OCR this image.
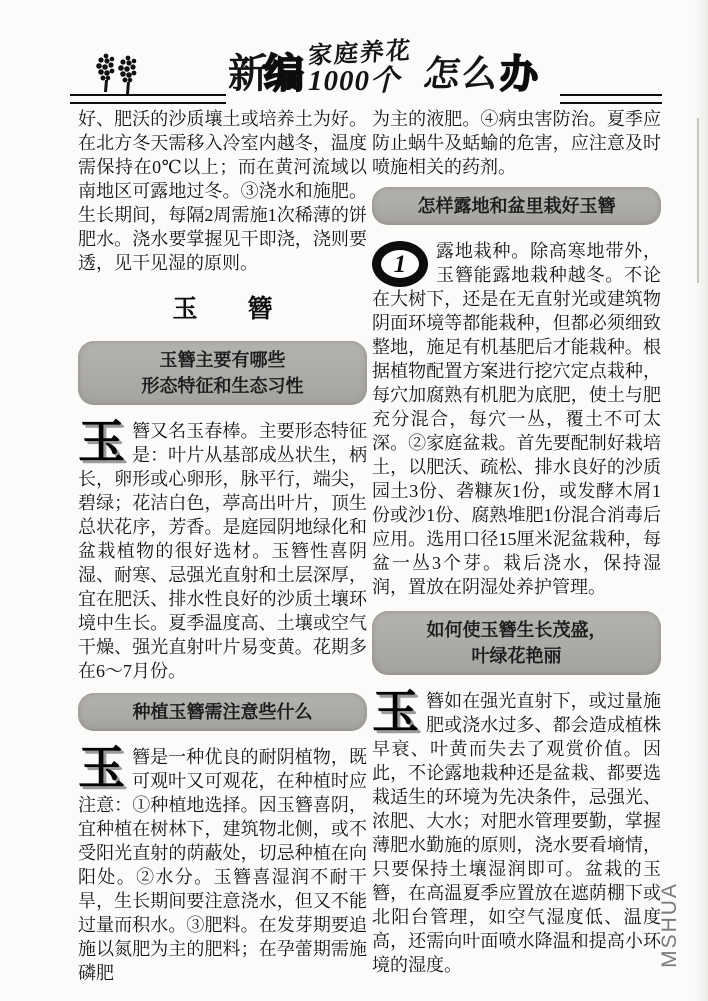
新
编 家庭养花
1000个 怎么
办

好、肥沃的沙质壤土或培养土为好。在北方冬天需移入冷室内越冬，温度需保持在0℃以上；而在黄河流域以南地区可露地过冬。③浇水和施肥。生长期间，每隔2周需施1次稀薄的饼肥水。浇水要掌握见干即浇，浇则要透，见干见湿的原则。

玉　　簪
玉簪主要有哪些
形态特征和生态习性

玉簪又名玉春棒。主要形态特征是：叶片从基部成丛状生，柄长，卵形或心卵形，脉平行，端尖，碧绿；花洁白色，葶高出叶片，顶生总状花序，芳香。是庭园阴地绿化和盆栽植物的很好选材。玉簪性喜阴湿、耐寒、忌强光直射和土层深厚，宜在肥沃、排水性良好的沙质土壤环境中生长。夏季温度高、土壤或空气干燥、强光直射叶片易变黄。花期多在6～7月份。

种植玉簪需注意些什么

玉簪是一种优良的耐阴植物，既可观叶又可观花，在种植时应注意：①种植地选择。因玉簪喜阴，宜种植在树林下，建筑物北侧，或不受阳光直射的荫蔽处，切忌种植在向阳处。②水分。玉簪喜湿润不耐干旱，生长期间要注意浇水，但又不能过量而积水。③肥料。在发芽期要追施以氮肥为主的肥料；在孕蕾期需施磷肥

为主的液肥。④病虫害防治。夏季应防止蜗牛及蛞蝓的危害，应注意及时喷施相关的药剂。

怎样露地和盆里栽好玉簪

1 露地栽种。除高寒地带外，玉簪能露地栽种越冬。不论在大树下，还是在无直射光或建筑物阴面环境等都能栽种，但都必须细致整地，施足有机基肥后才能栽种。根据植物配置方案进行挖穴定点栽种，每穴加腐熟有机肥为底肥，使土与肥充分混合，每穴一丛，覆土不可太深。②家庭盆栽。首先要配制好栽培土，以肥沃、疏松、排水良好的沙质园土3份、砻糠灰1份，或发酵木屑1份或沙1份、腐熟堆肥1份混合消毒后应用。选用口径15厘米泥盆栽种，每盆一丛3个芽。栽后浇水，保持湿润，置放在阴湿处养护管理。

如何使玉簪生长茂盛，
叶绿花艳丽

玉簪如在强光直射下，或过量施肥或浇水过多、都会造成植株早衰、叶黄而失去了观赏价值。因此，不论露地栽种还是盆栽、都要选栽适生的环境为先决条件，忌强光、浓肥、大水；对肥水管理要勤，掌握薄肥水勤施的原则，浇水要看墒情，只要保持土壤湿润即可。盆栽的玉簪，在高温夏季应置放在遮荫棚下或北阳台管理，如空气湿度低、温度高，还需向叶面喷水降温和提高小环境的湿度。	MSHUA
